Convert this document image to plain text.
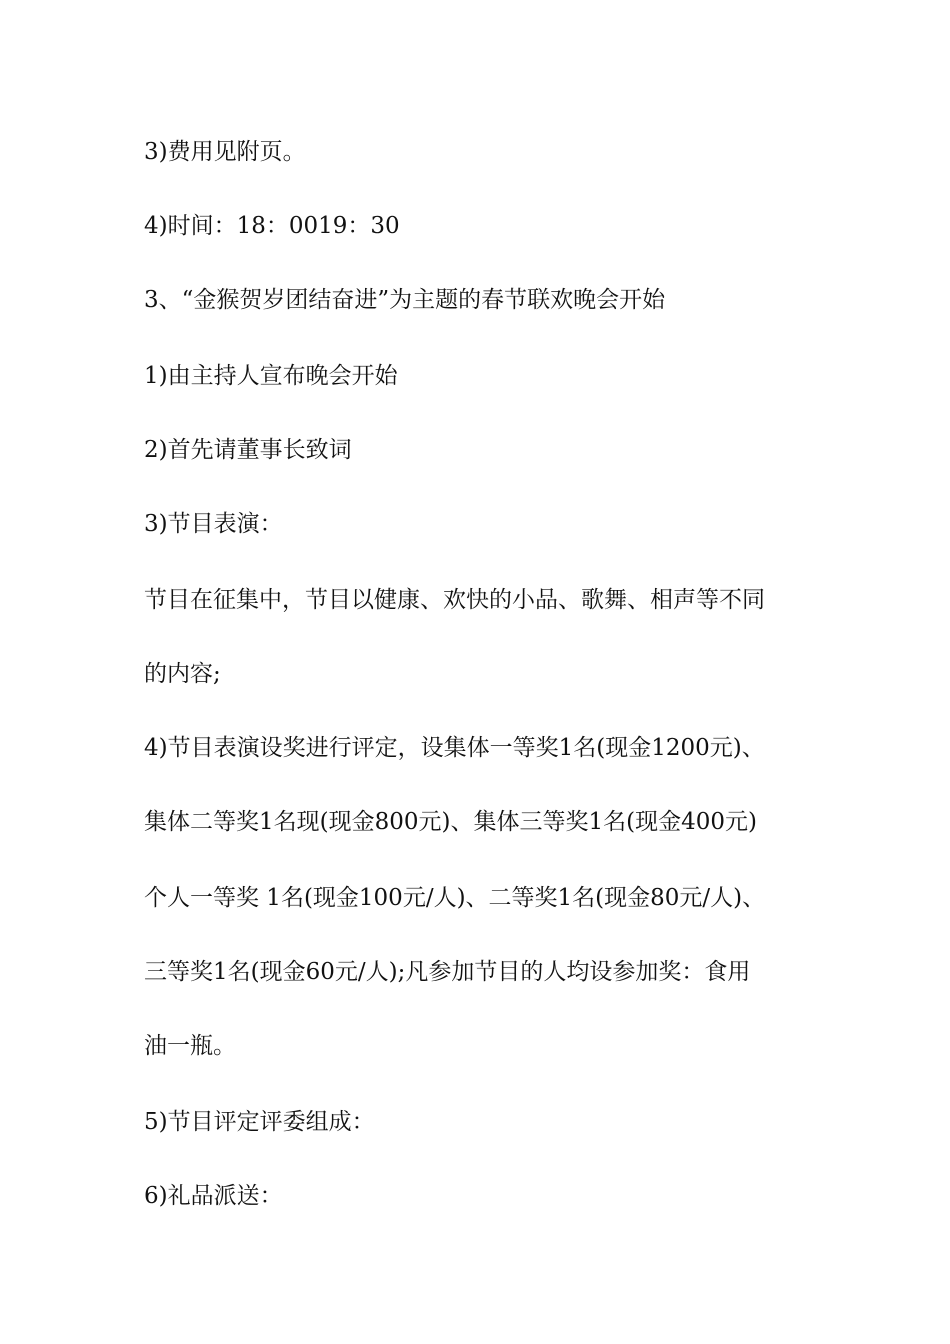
3)费用见附页。
4)时间：18：0019：30
3、“金猴贺岁团结奋进”为主题的春节联欢晚会开始
1)由主持人宣布晚会开始
2)首先请董事长致词
3)节目表演：
节目在征集中，节目以健康、欢快的小品、歌舞、相声等不同
的内容;
4)节目表演设奖进行评定，设集体一等奖1名(现金1200元)、
集体二等奖1名现(现金800元)、集体三等奖1名(现金400元)
个人一等奖 1名(现金100元/人)、二等奖1名(现金80元/人)、
三等奖1名(现金60元/人);凡参加节目的人均设参加奖：食用
油一瓶。
5)节目评定评委组成：
6)礼品派送：
